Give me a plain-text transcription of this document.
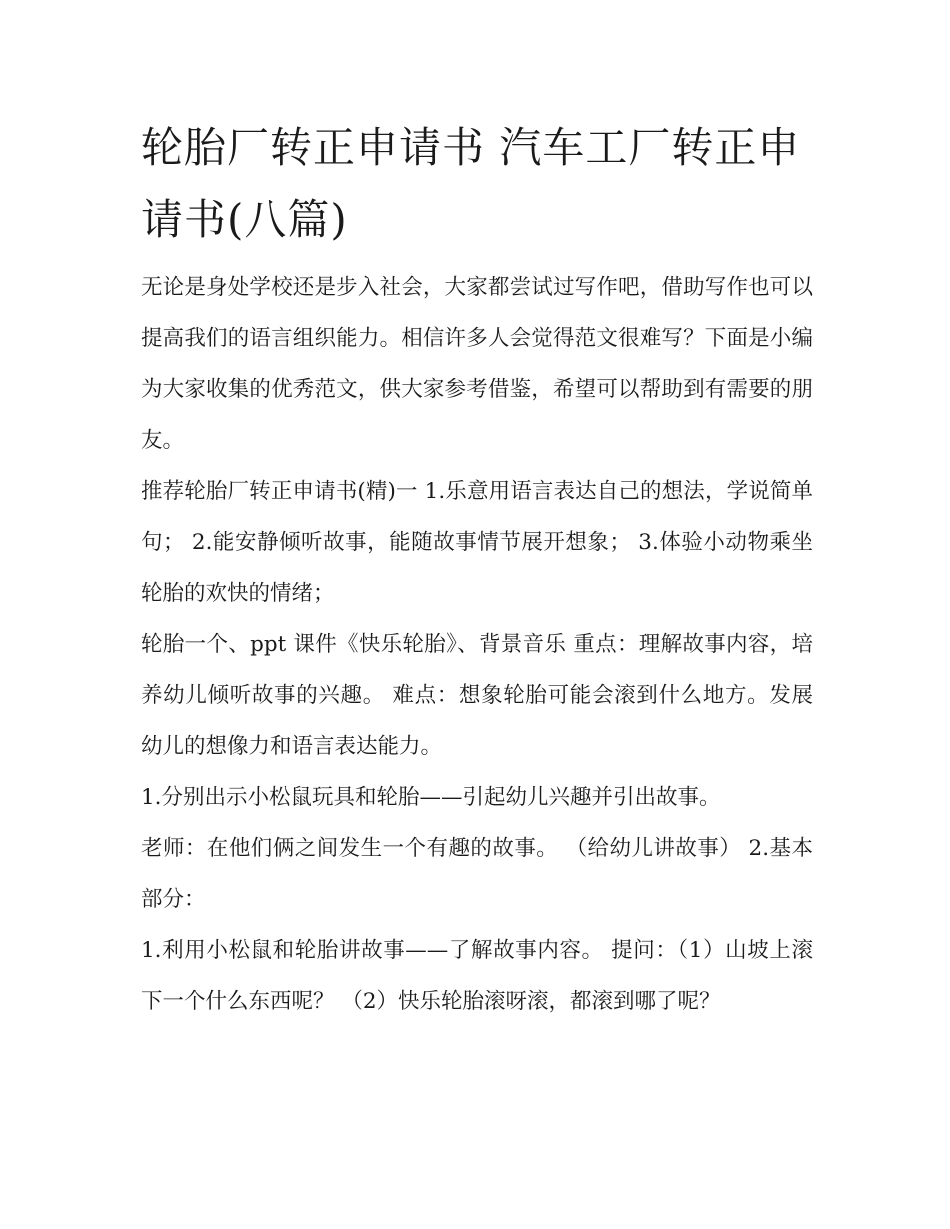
轮胎厂转正申请书 汽车工厂转正申请书(八篇)

无论是身处学校还是步入社会，大家都尝试过写作吧，借助写作也可以提高我们的语言组织能力。相信许多人会觉得范文很难写？下面是小编为大家收集的优秀范文，供大家参考借鉴，希望可以帮助到有需要的朋友。

推荐轮胎厂转正申请书(精)一 1.乐意用语言表达自己的想法，学说简单句； 2.能安静倾听故事，能随故事情节展开想象； 3.体验小动物乘坐轮胎的欢快的情绪；

轮胎一个、ppt 课件《快乐轮胎》、背景音乐 重点：理解故事内容，培养幼儿倾听故事的兴趣。 难点：想象轮胎可能会滚到什么地方。发展幼儿的想像力和语言表达能力。

1.分别出示小松鼠玩具和轮胎——引起幼儿兴趣并引出故事。

老师：在他们俩之间发生一个有趣的故事。 （给幼儿讲故事） 2.基本部分：

1.利用小松鼠和轮胎讲故事——了解故事内容。 提问：（1）山坡上滚下一个什么东西呢？ （2）快乐轮胎滚呀滚，都滚到哪了呢？
